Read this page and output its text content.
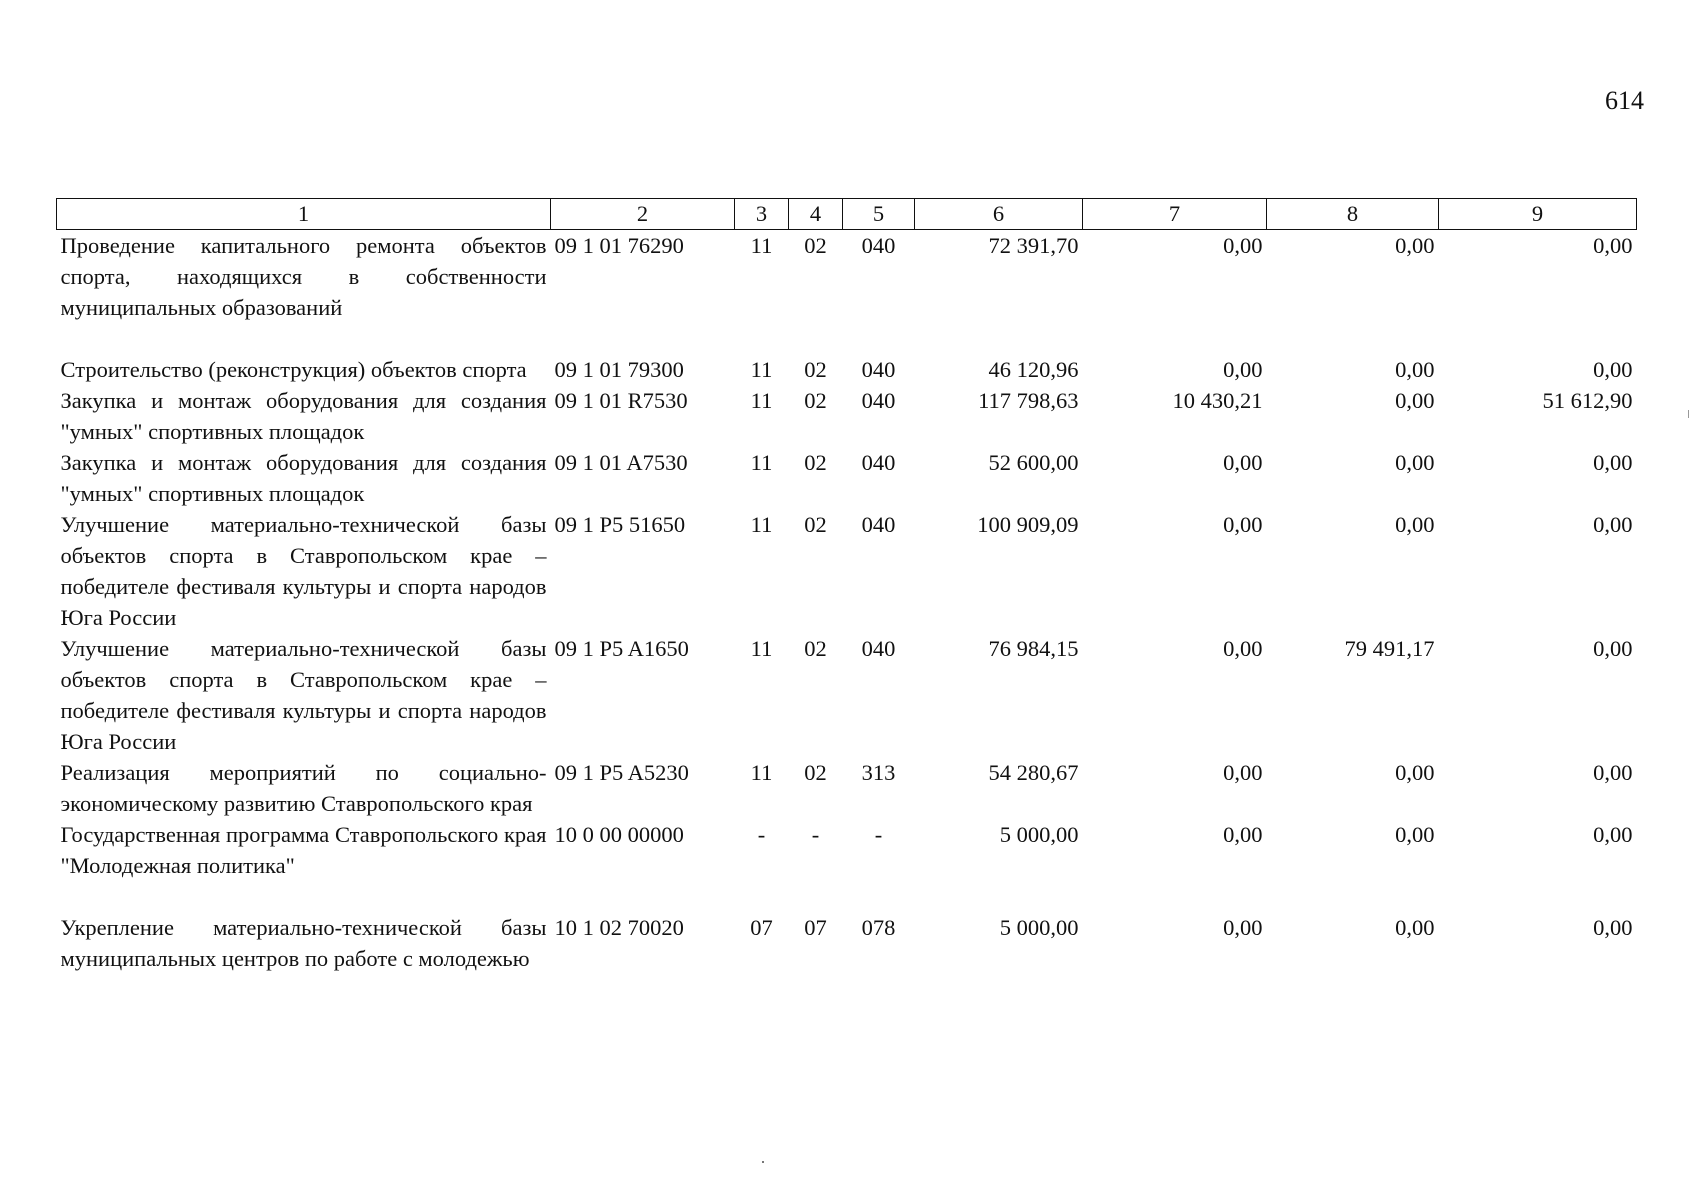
614
1	2	3	4	5	6	7	8	9
Проведение капитального ремонта объектов спорта, находящихся в собственности муниципальных образований	09 1 01 76290	11	02	040	72 391,70	0,00	0,00	0,00
Строительство (реконструкция) объектов спорта	09 1 01 79300	11	02	040	46 120,96	0,00	0,00	0,00
Закупка и монтаж оборудования для создания "умных" спортивных площадок	09 1 01 R7530	11	02	040	117 798,63	10 430,21	0,00	51 612,90
Закупка и монтаж оборудования для создания "умных" спортивных площадок	09 1 01 A7530	11	02	040	52 600,00	0,00	0,00	0,00
Улучшение материально-технической базы объектов спорта в Ставропольском крае – победителе фестиваля культуры и спорта народов Юга России	09 1 P5 51650	11	02	040	100 909,09	0,00	0,00	0,00
Улучшение материально-технической базы объектов спорта в Ставропольском крае – победителе фестиваля культуры и спорта народов Юга России	09 1 P5 A1650	11	02	040	76 984,15	0,00	79 491,17	0,00
Реализация мероприятий по социально-экономическому развитию Ставропольского края	09 1 P5 A5230	11	02	313	54 280,67	0,00	0,00	0,00
Государственная программа Ставропольского края "Молодежная политика"	10 0 00 00000	-	-	-	5 000,00	0,00	0,00	0,00
Укрепление материально-технической базы муниципальных центров по работе с молодежью	10 1 02 70020	07	07	078	5 000,00	0,00	0,00	0,00
